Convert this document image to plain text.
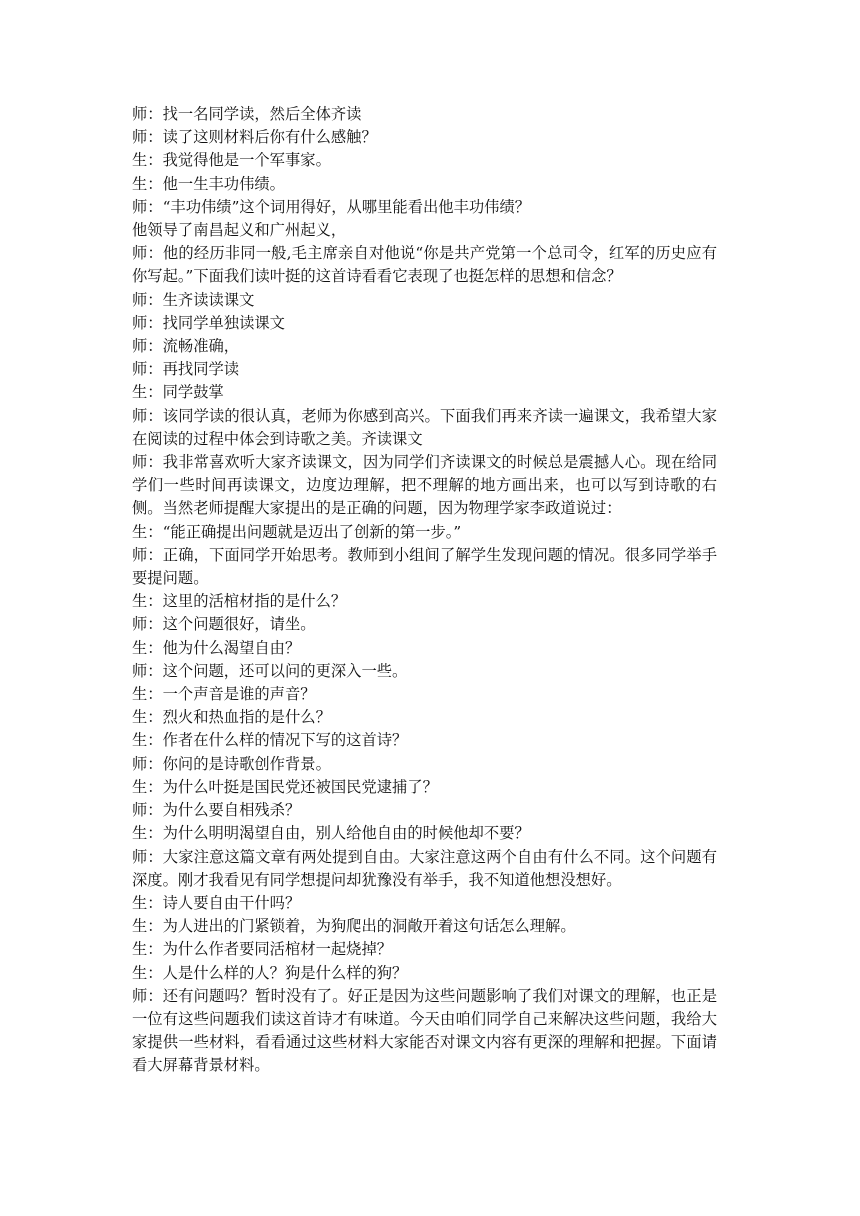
师：找一名同学读，然后全体齐读

师：读了这则材料后你有什么感触？

生：我觉得他是一个军事家。

生：他一生丰功伟绩。

师：“丰功伟绩”这个词用得好，从哪里能看出他丰功伟绩？

他领导了南昌起义和广州起义，

师：他的经历非同一般,毛主席亲自对他说“你是共产党第一个总司令，红军的历史应有你写起。”下面我们读叶挺的这首诗看看它表现了也挺怎样的思想和信念？

师：生齐读读课文

师：找同学单独读课文

师：流畅准确，

师：再找同学读

生：同学鼓掌

师：该同学读的很认真，老师为你感到高兴。下面我们再来齐读一遍课文，我希望大家在阅读的过程中体会到诗歌之美。齐读课文

师：我非常喜欢听大家齐读课文，因为同学们齐读课文的时候总是震撼人心。现在给同学们一些时间再读课文，边度边理解，把不理解的地方画出来，也可以写到诗歌的右侧。当然老师提醒大家提出的是正确的问题，因为物理学家李政道说过：

生：“能正确提出问题就是迈出了创新的第一步。”

师：正确，下面同学开始思考。教师到小组间了解学生发现问题的情况。很多同学举手要提问题。

生：这里的活棺材指的是什么？

师：这个问题很好，请坐。

生：他为什么渴望自由？

师：这个问题，还可以问的更深入一些。

生：一个声音是谁的声音？

生：烈火和热血指的是什么？

生：作者在什么样的情况下写的这首诗？

师：你问的是诗歌创作背景。

生：为什么叶挺是国民党还被国民党逮捕了？

师：为什么要自相残杀？

生：为什么明明渴望自由，别人给他自由的时候他却不要？

师：大家注意这篇文章有两处提到自由。大家注意这两个自由有什么不同。这个问题有深度。刚才我看见有同学想提问却犹豫没有举手，我不知道他想没想好。

生：诗人要自由干什吗？

生：为人进出的门紧锁着，为狗爬出的洞敞开着这句话怎么理解。

生：为什么作者要同活棺材一起烧掉？

生：人是什么样的人？狗是什么样的狗？

师：还有问题吗？暂时没有了。好正是因为这些问题影响了我们对课文的理解，也正是一位有这些问题我们读这首诗才有味道。今天由咱们同学自己来解决这些问题，我给大家提供一些材料，看看通过这些材料大家能否对课文内容有更深的理解和把握。下面请看大屏幕背景材料。
